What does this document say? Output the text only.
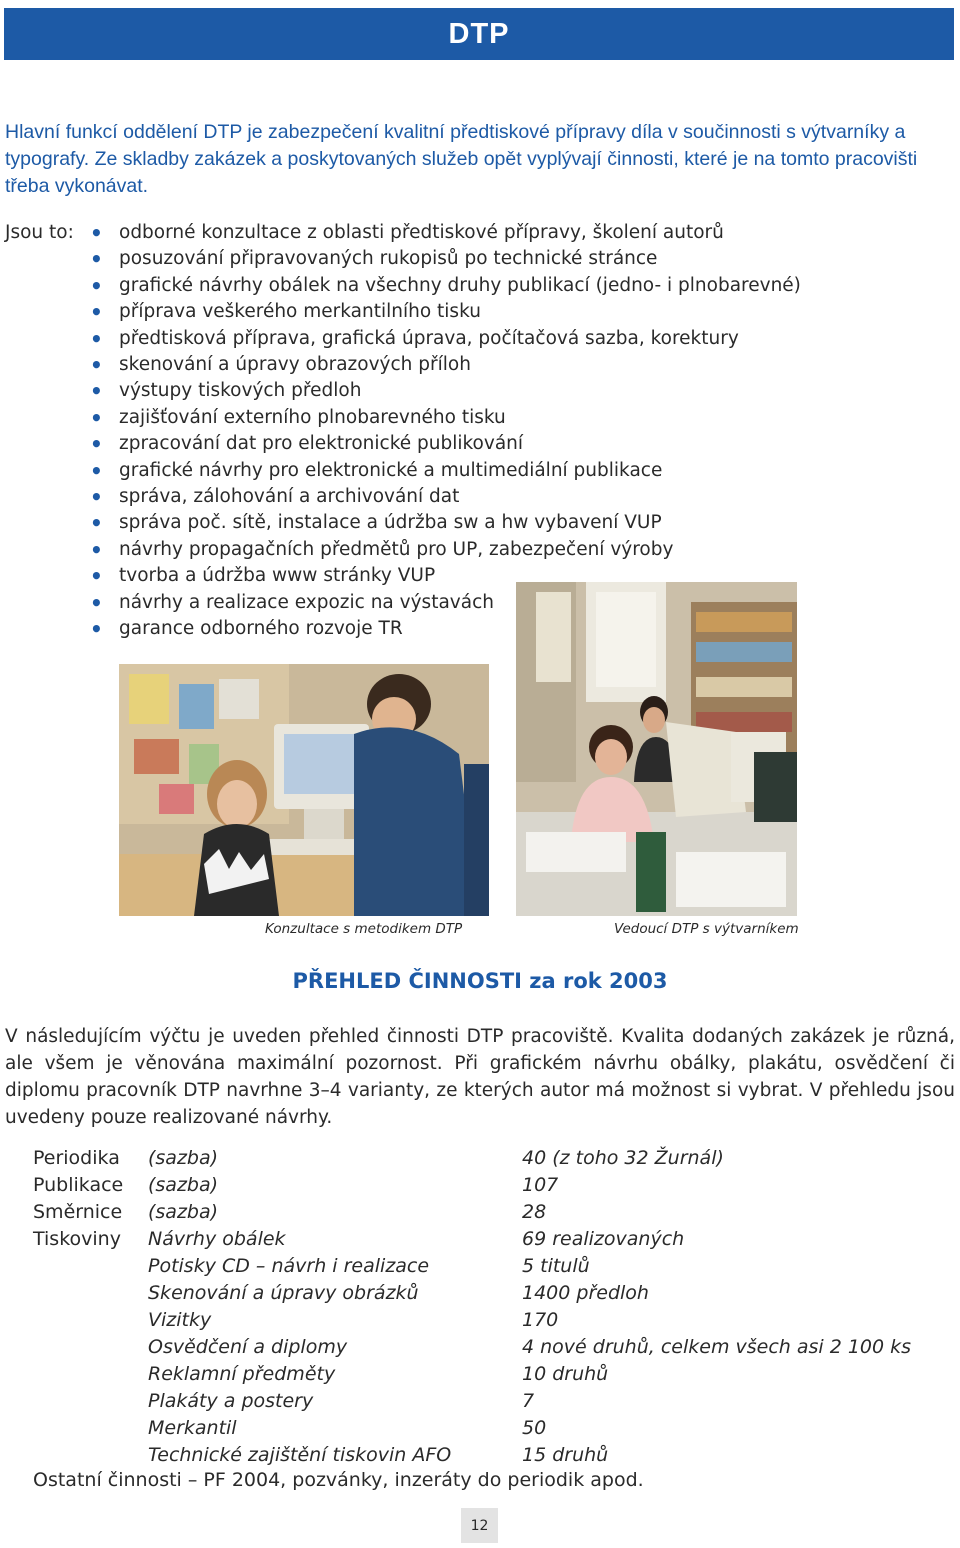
DTP

Hlavní funkcí oddělení DTP je zabezpečení kvalitní předtiskové přípravy díla v součinnosti s výtvarníky a typografy. Ze skladby zakázek a poskytovaných služeb opět vyplývají činnosti, které je na tomto pracovišti třeba vykonávat.

Jsou to: • odborné konzultace z oblasti předtiskové přípravy, školení autorů
• posuzování připravovaných rukopisů po technické stránce
• grafické návrhy obálek na všechny druhy publikací (jedno- i plnobarevné)
• příprava veškerého merkantilního tisku
• předtisková příprava, grafická úprava, počítačová sazba, korektury
• skenování a úpravy obrazových příloh
• výstupy tiskových předloh
• zajišťování externího plnobarevného tisku
• zpracování dat pro elektronické publikování
• grafické návrhy pro elektronické a multimediální publikace
• správa, zálohování a archivování dat
• správa poč. sítě, instalace a údržba sw a hw vybavení VUP
• návrhy propagačních předmětů pro UP, zabezpečení výroby
• tvorba a údržba www stránky VUP
• návrhy a realizace expozic na výstavách
• garance odborného rozvoje TR
Konzultace s metodikem DTP	Vedoucí DTP s výtvarníkem
PŘEHLED ČINNOSTI za rok 2003

V následujícím výčtu je uveden přehled činnosti DTP pracoviště. Kvalita dodaných zakázek je různá, ale všem je věnována maximální pozornost. Při grafickém návrhu obálky, plakátu, osvědčení či diplomu pracovník DTP navrhne 3–4 varianty, ze kterých autor má možnost si vybrat. V přehledu jsou uvedeny pouze realizované návrhy.

Periodika (sazba)	40 (z toho 32 Žurnál)
Publikace (sazba)	107
Směrnice (sazba)	28
Tiskoviny Návrhy obálek	69 realizovaných
Potisky CD – návrh i realizace	5 titulů
Skenování a úpravy obrázků	1400 předloh
Vizitky	170
Osvědčení a diplomy	4 nové druhů, celkem všech asi 2 100 ks
Reklamní předměty	10 druhů
Plakáty a postery	7
Merkantil	50
Technické zajištění tiskovin AFO	15 druhů
Ostatní činnosti – PF 2004, pozvánky, inzeráty do periodik apod.
12
